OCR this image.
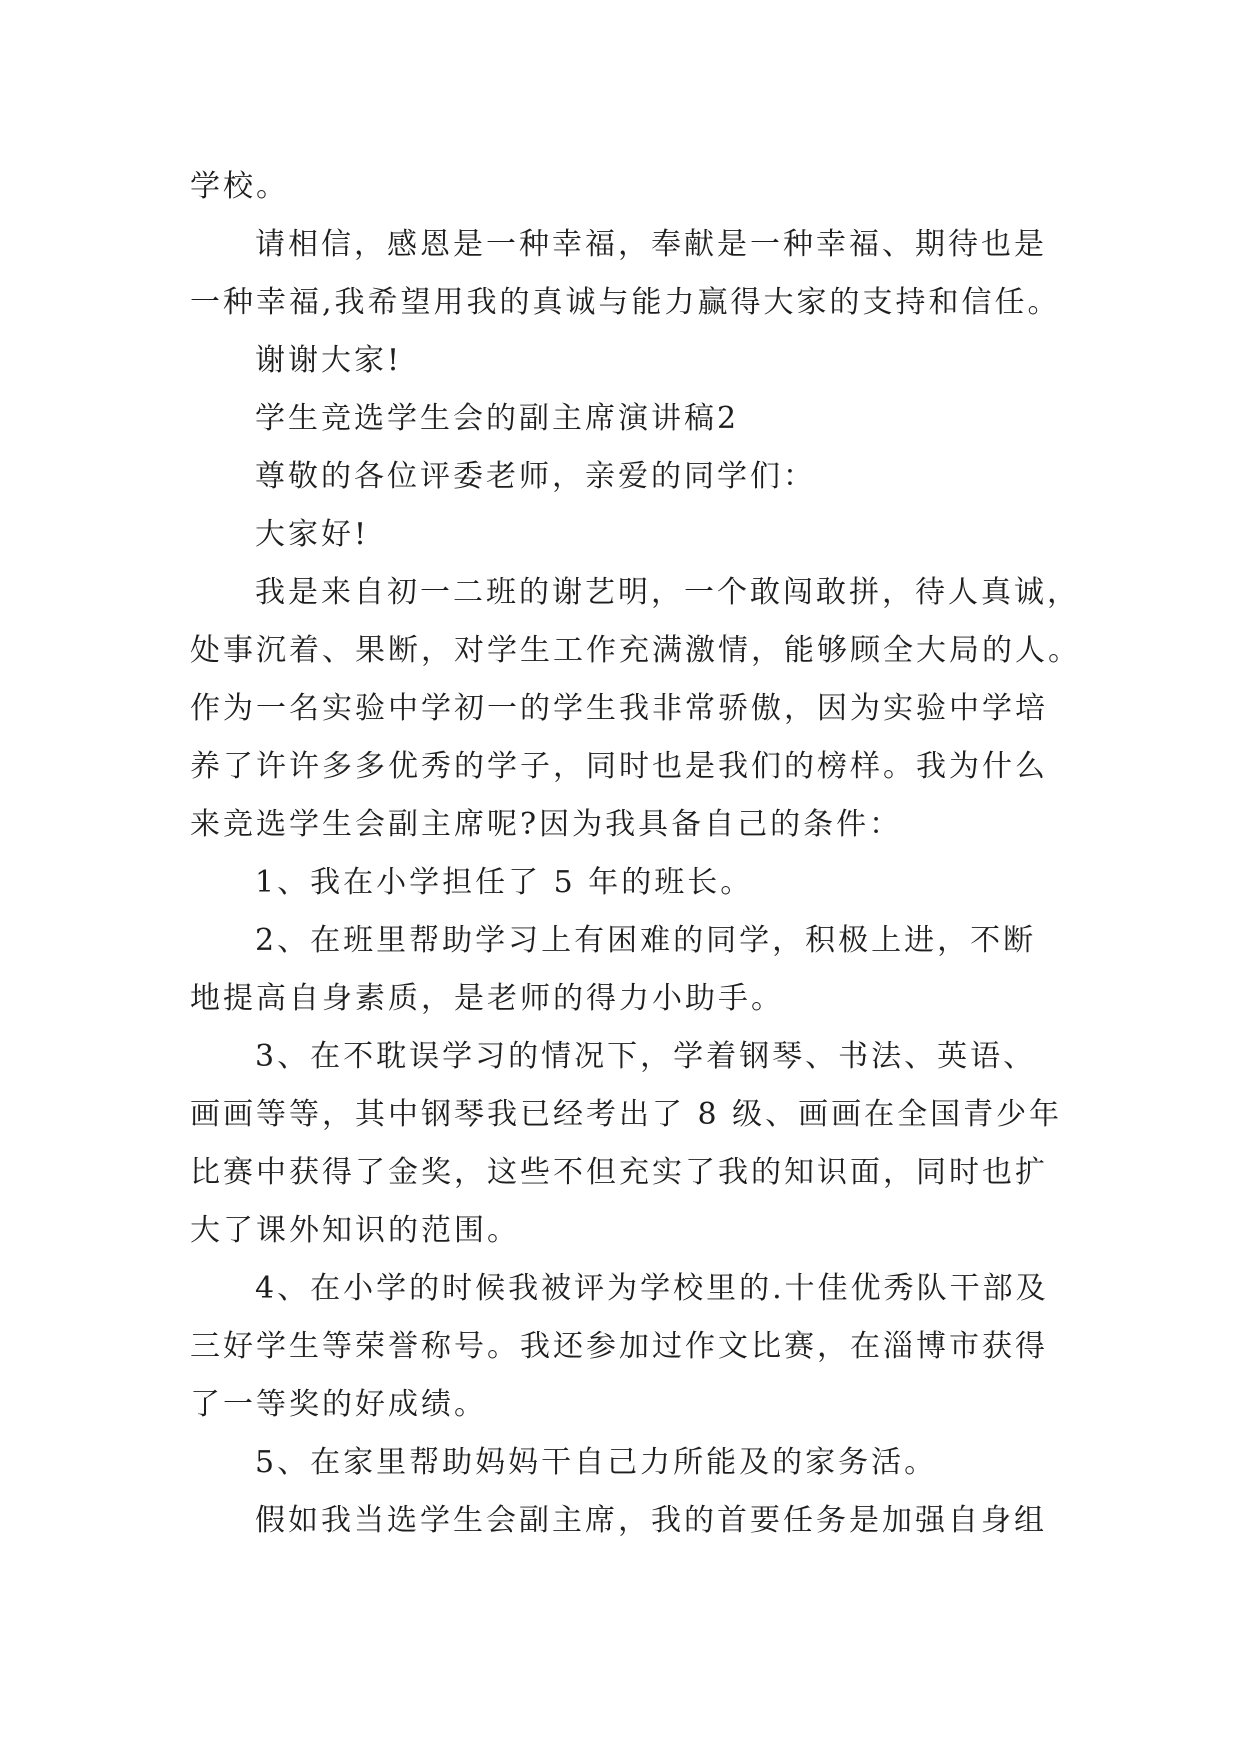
学校。
请相信，感恩是一种幸福，奉献是一种幸福、期待也是
一种幸福,我希望用我的真诚与能力赢得大家的支持和信任。
谢谢大家!
学生竞选学生会的副主席演讲稿2
尊敬的各位评委老师，亲爱的同学们：
大家好!
我是来自初一二班的谢艺明，一个敢闯敢拼，待人真诚，
处事沉着、果断，对学生工作充满激情，能够顾全大局的人。
作为一名实验中学初一的学生我非常骄傲，因为实验中学培
养了许许多多优秀的学子，同时也是我们的榜样。我为什么
来竞选学生会副主席呢?因为我具备自己的条件：
1、我在小学担任了 5 年的班长。
2、在班里帮助学习上有困难的同学，积极上进，不断
地提高自身素质，是老师的得力小助手。
3、在不耽误学习的情况下，学着钢琴、书法、英语、
画画等等，其中钢琴我已经考出了 8 级、画画在全国青少年
比赛中获得了金奖，这些不但充实了我的知识面，同时也扩
大了课外知识的范围。
4、在小学的时候我被评为学校里的.十佳优秀队干部及
三好学生等荣誉称号。我还参加过作文比赛，在淄博市获得
了一等奖的好成绩。
5、在家里帮助妈妈干自己力所能及的家务活。
假如我当选学生会副主席，我的首要任务是加强自身组
